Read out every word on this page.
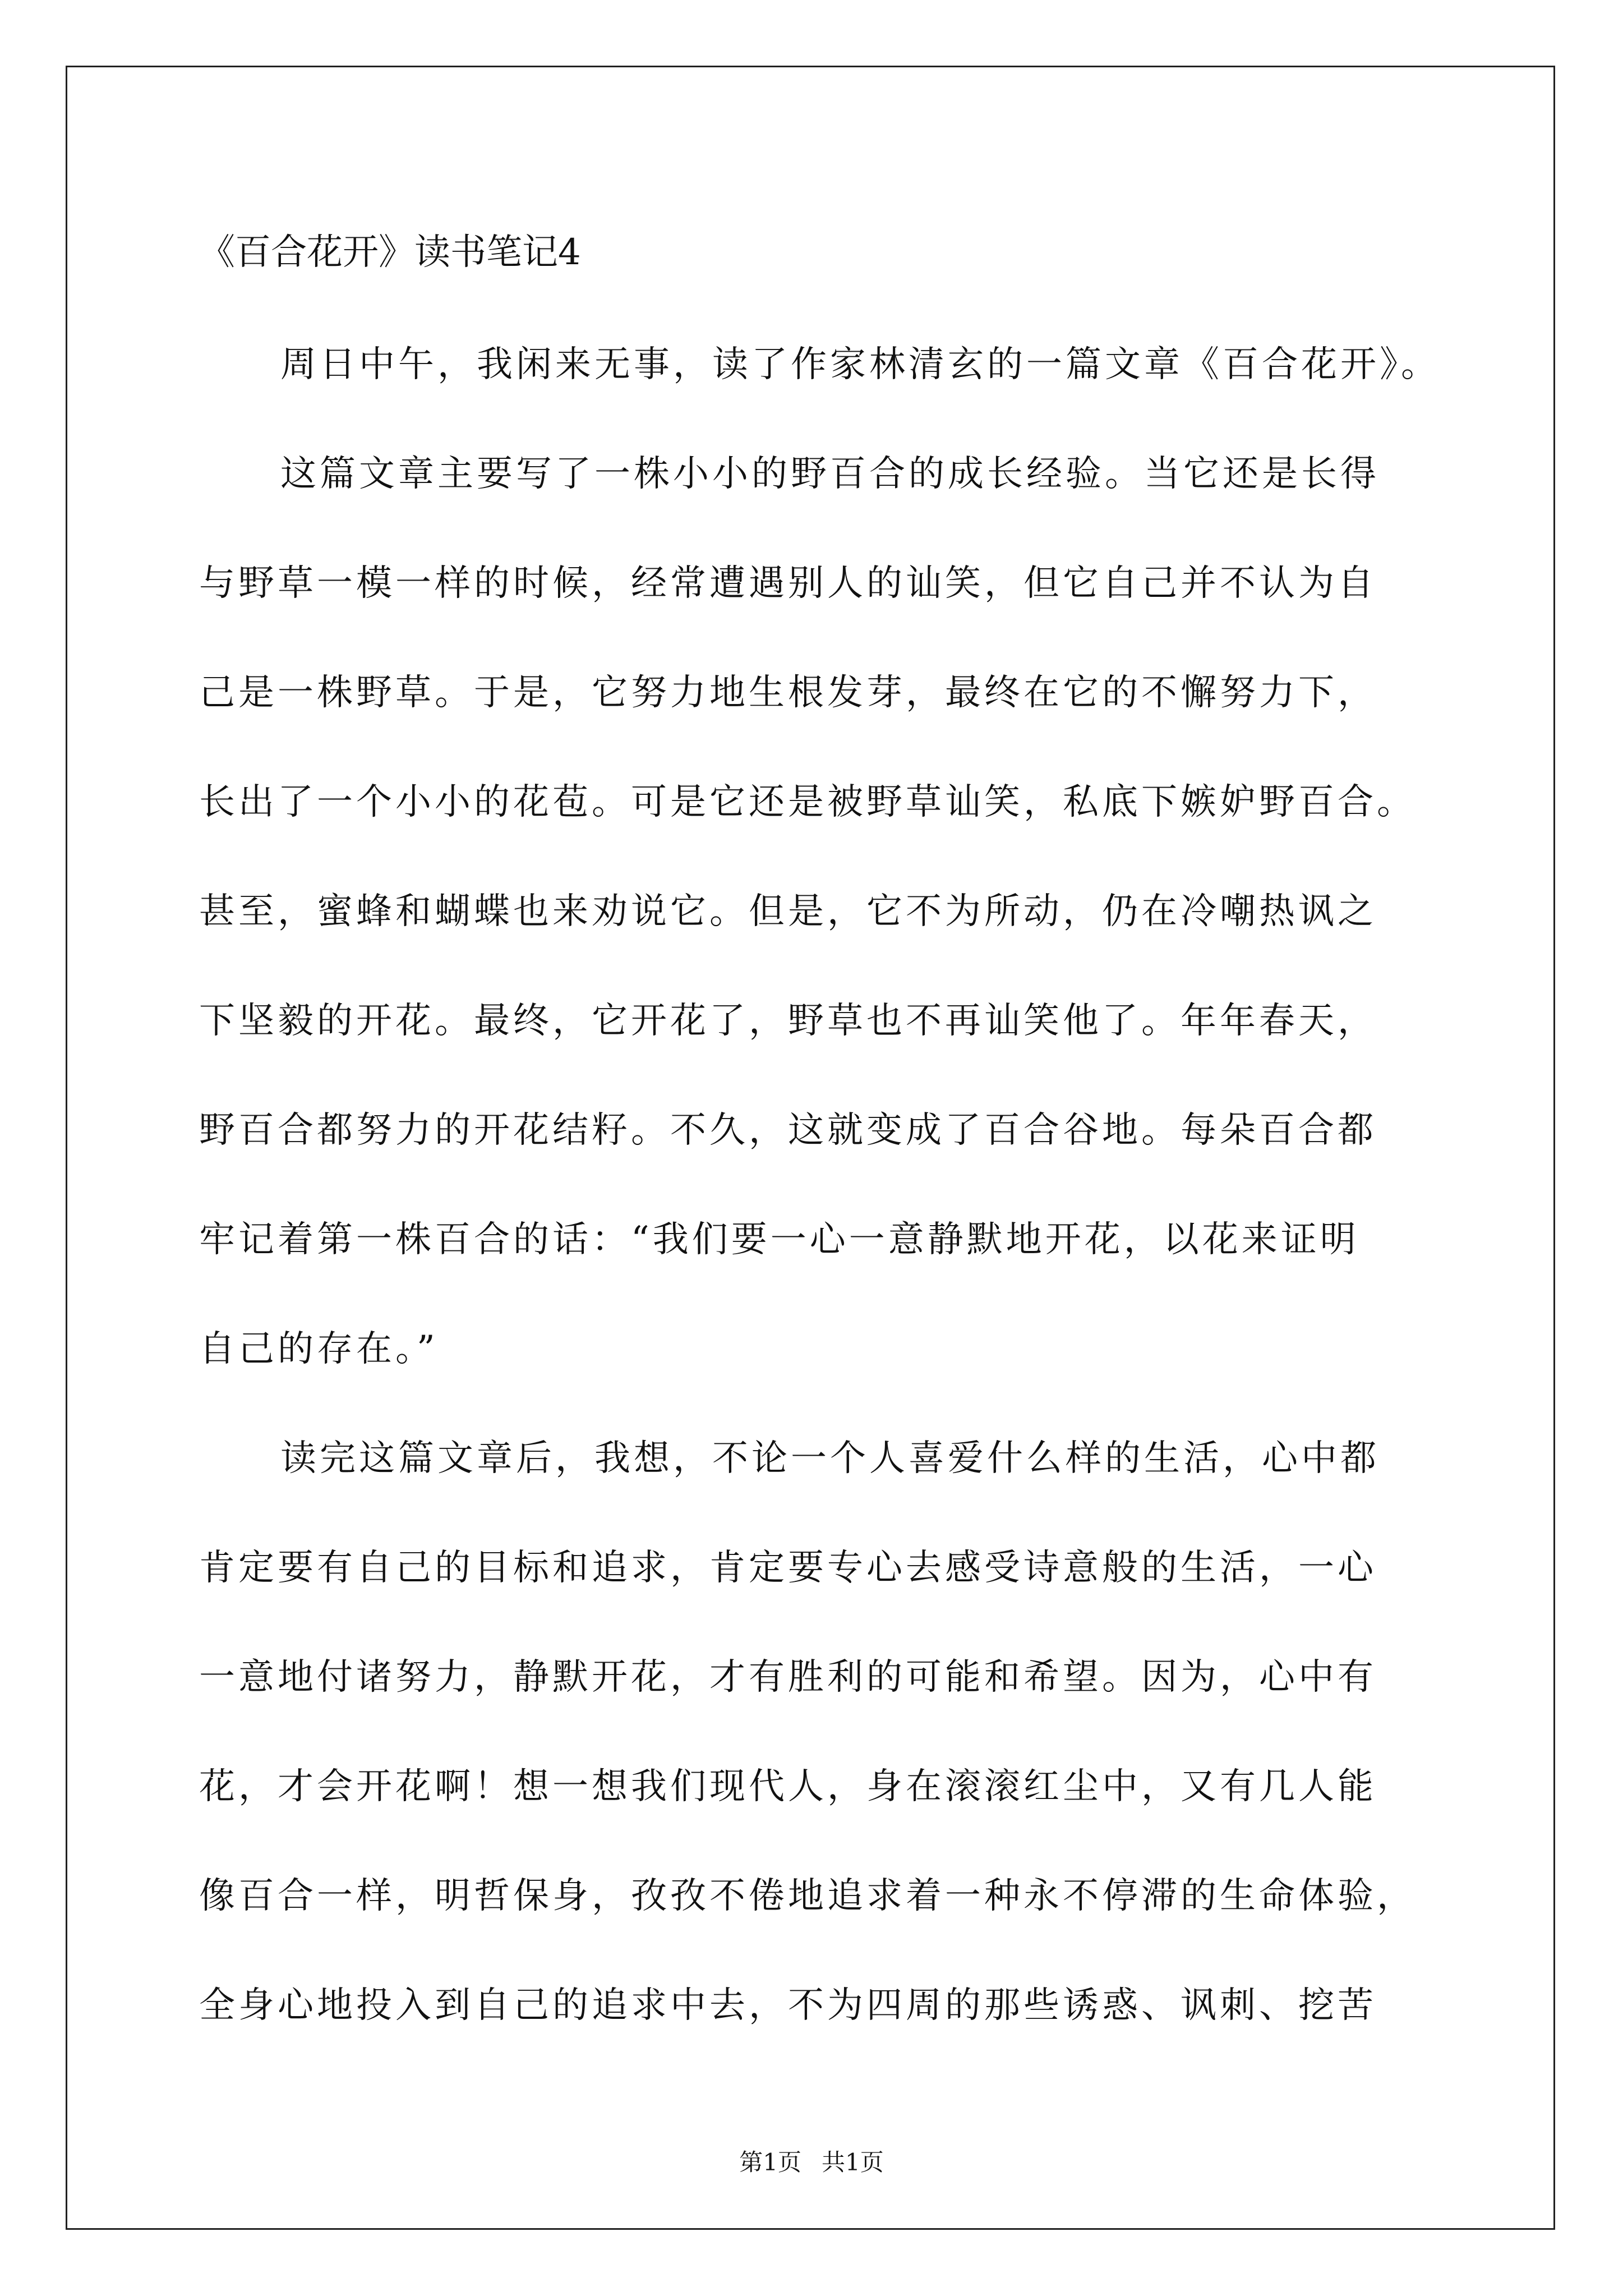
《百合花开》读书笔记4
周日中午，我闲来无事，读了作家林清玄的一篇文章《百合花开》。
这篇文章主要写了一株小小的野百合的成长经验。当它还是长得
与野草一模一样的时候，经常遭遇别人的讪笑，但它自己并不认为自
己是一株野草。于是，它努力地生根发芽，最终在它的不懈努力下，
长出了一个小小的花苞。可是它还是被野草讪笑，私底下嫉妒野百合。
甚至，蜜蜂和蝴蝶也来劝说它。但是，它不为所动，仍在冷嘲热讽之
下坚毅的开花。最终，它开花了，野草也不再讪笑他了。年年春天，
野百合都努力的开花结籽。不久，这就变成了百合谷地。每朵百合都
牢记着第一株百合的话：“我们要一心一意静默地开花，以花来证明
自己的存在。”
读完这篇文章后，我想，不论一个人喜爱什么样的生活，心中都
肯定要有自己的目标和追求，肯定要专心去感受诗意般的生活，一心
一意地付诸努力，静默开花，才有胜利的可能和希望。因为，心中有
花，才会开花啊！想一想我们现代人，身在滚滚红尘中，又有几人能
像百合一样，明哲保身，孜孜不倦地追求着一种永不停滞的生命体验，
全身心地投入到自己的追求中去，不为四周的那些诱惑、讽刺、挖苦
第1页 共1页
